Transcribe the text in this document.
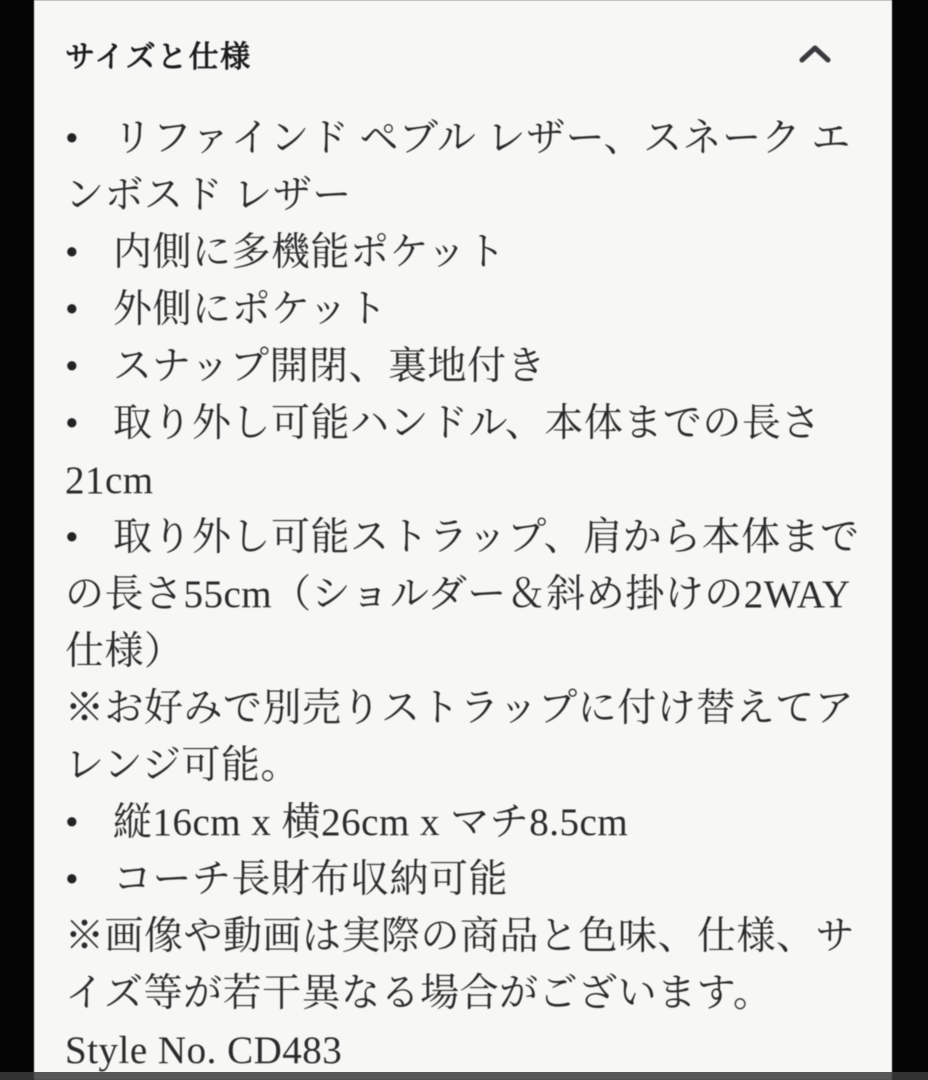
サイズと仕様
• リファインド ペブル レザー、スネーク エ
ンボスド レザー
• 内側に多機能ポケット
• 外側にポケット
• スナップ開閉、裏地付き
• 取り外し可能ハンドル、本体までの長さ
21cm
• 取り外し可能ストラップ、肩から本体まで
の長さ55cm（ショルダー＆斜め掛けの2WAY
仕様）
※お好みで別売りストラップに付け替えてア
レンジ可能。
• 縦16cm x 横26cm x マチ8.5cm
• コーチ長財布収納可能
※画像や動画は実際の商品と色味、仕様、サ
イズ等が若干異なる場合がございます。
Style No. CD483
